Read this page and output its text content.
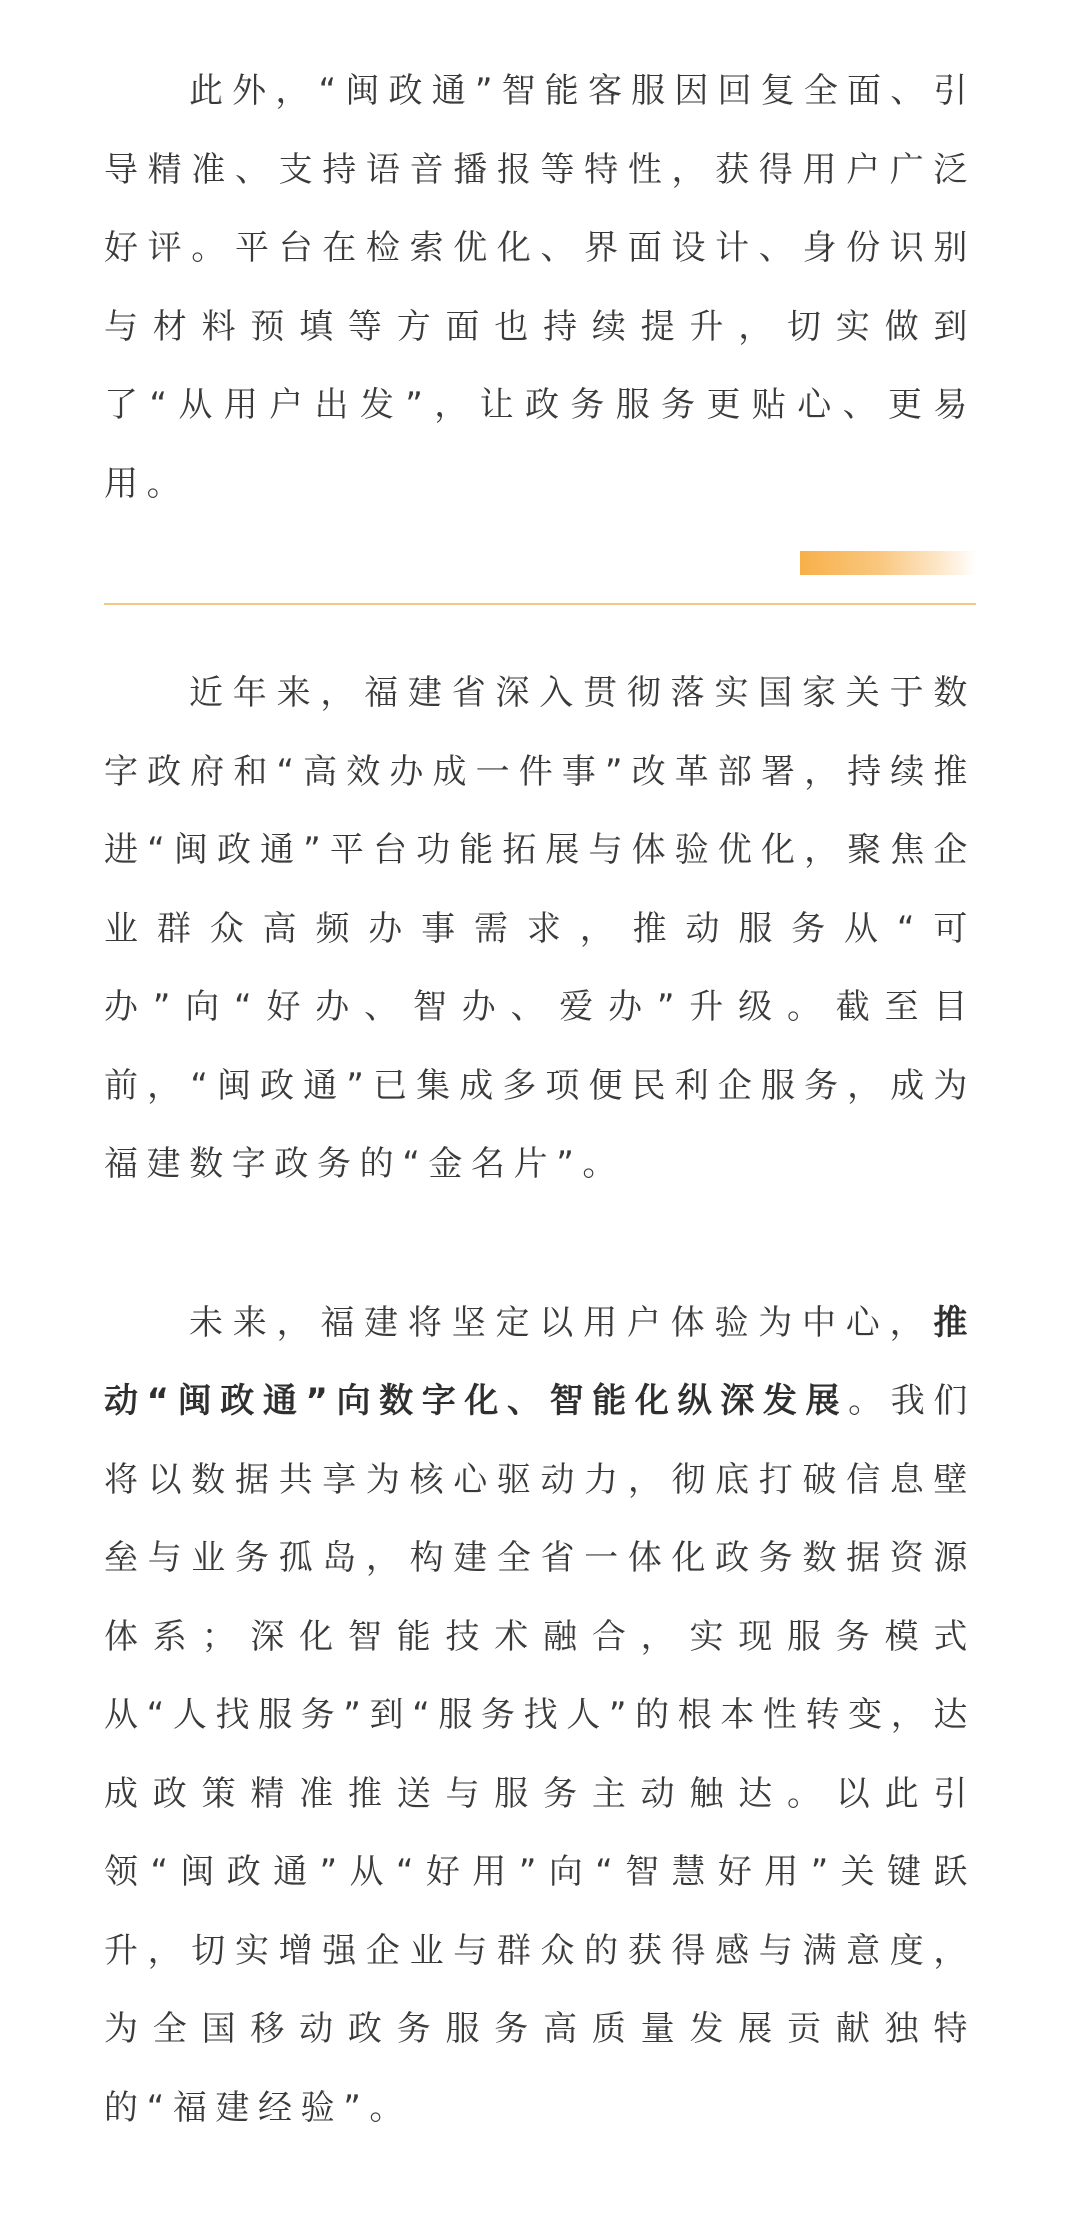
此外，“闽政通”智能客服因回复全面、引导精准、支持语音播报等特性，获得用户广泛好评。平台在检索优化、界面设计、身份识别与材料预填等方面也持续提升，切实做到了“从用户出发”，让政务服务更贴心、更易用。

近年来，福建省深入贯彻落实国家关于数字政府和“高效办成一件事”改革部署，持续推进“闽政通”平台功能拓展与体验优化，聚焦企业群众高频办事需求，推动服务从“可办”向“好办、智办、爱办”升级。截至目前，“闽政通”已集成多项便民利企服务，成为福建数字政务的“金名片”。

未来，福建将坚定以用户体验为中心，推动“闽政通”向数字化、智能化纵深发展。我们将以数据共享为核心驱动力，彻底打破信息壁垒与业务孤岛，构建全省一体化政务数据资源体系；深化智能技术融合，实现服务模式从“人找服务”到“服务找人”的根本性转变，达成政策精准推送与服务主动触达。以此引领“闽政通”从“好用”向“智慧好用”关键跃升，切实增强企业与群众的获得感与满意度，为全国移动政务服务高质量发展贡献独特的“福建经验”。
